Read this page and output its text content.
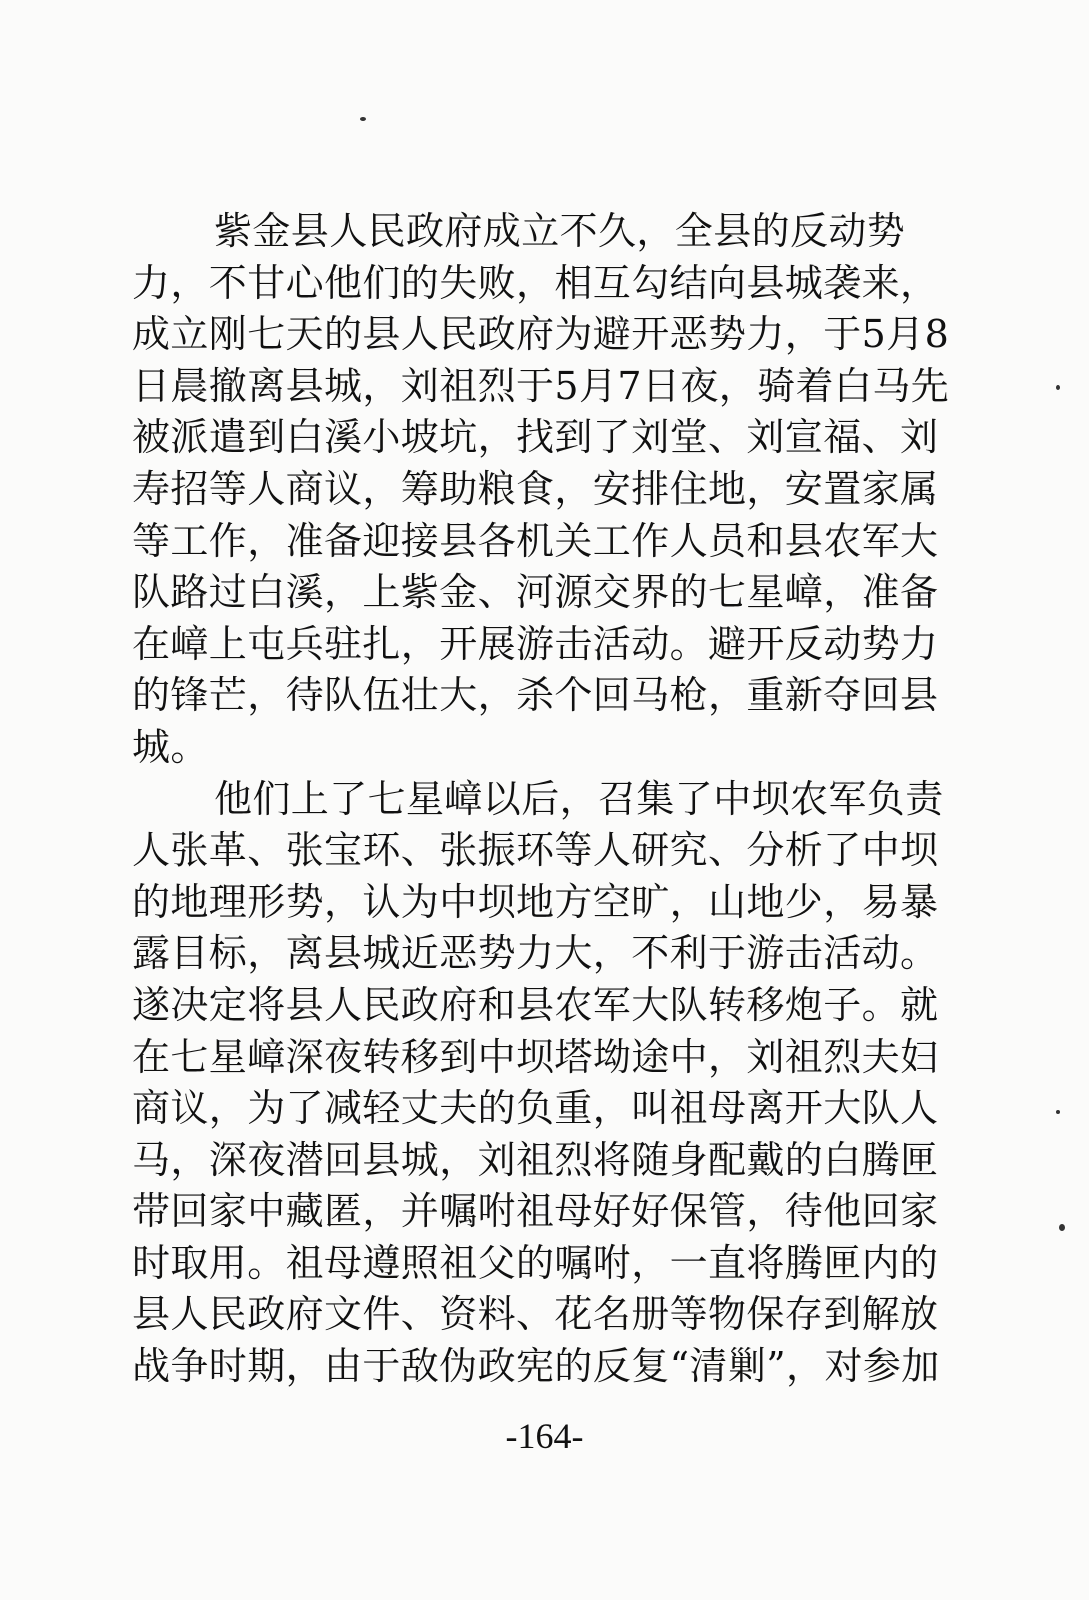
紫金县人民政府成立不久，全县的反动势
力，不甘心他们的失败，相互勾结向县城袭来，
成立刚七天的县人民政府为避开恶势力，于5月8
日晨撤离县城，刘祖烈于5月7日夜，骑着白马先
被派遣到白溪小坡坑，找到了刘堂、刘宣福、刘
寿招等人商议，筹助粮食，安排住地，安置家属
等工作，准备迎接县各机关工作人员和县农军大
队路过白溪，上紫金、河源交界的七星嶂，准备
在嶂上屯兵驻扎，开展游击活动。避开反动势力
的锋芒，待队伍壮大，杀个回马枪，重新夺回县
城。
他们上了七星嶂以后，召集了中坝农军负责
人张革、张宝环、张振环等人研究、分析了中坝
的地理形势，认为中坝地方空旷，山地少，易暴
露目标，离县城近恶势力大，不利于游击活动。
遂决定将县人民政府和县农军大队转移炮子。就
在七星嶂深夜转移到中坝塔坳途中，刘祖烈夫妇
商议，为了减轻丈夫的负重，叫祖母离开大队人
马，深夜潜回县城，刘祖烈将随身配戴的白腾匣
带回家中藏匿，并嘱咐祖母好好保管，待他回家
时取用。祖母遵照祖父的嘱咐，一直将腾匣内的
县人民政府文件、资料、花名册等物保存到解放
战争时期，由于敌伪政宪的反复“清剿”，对参加
-164-
